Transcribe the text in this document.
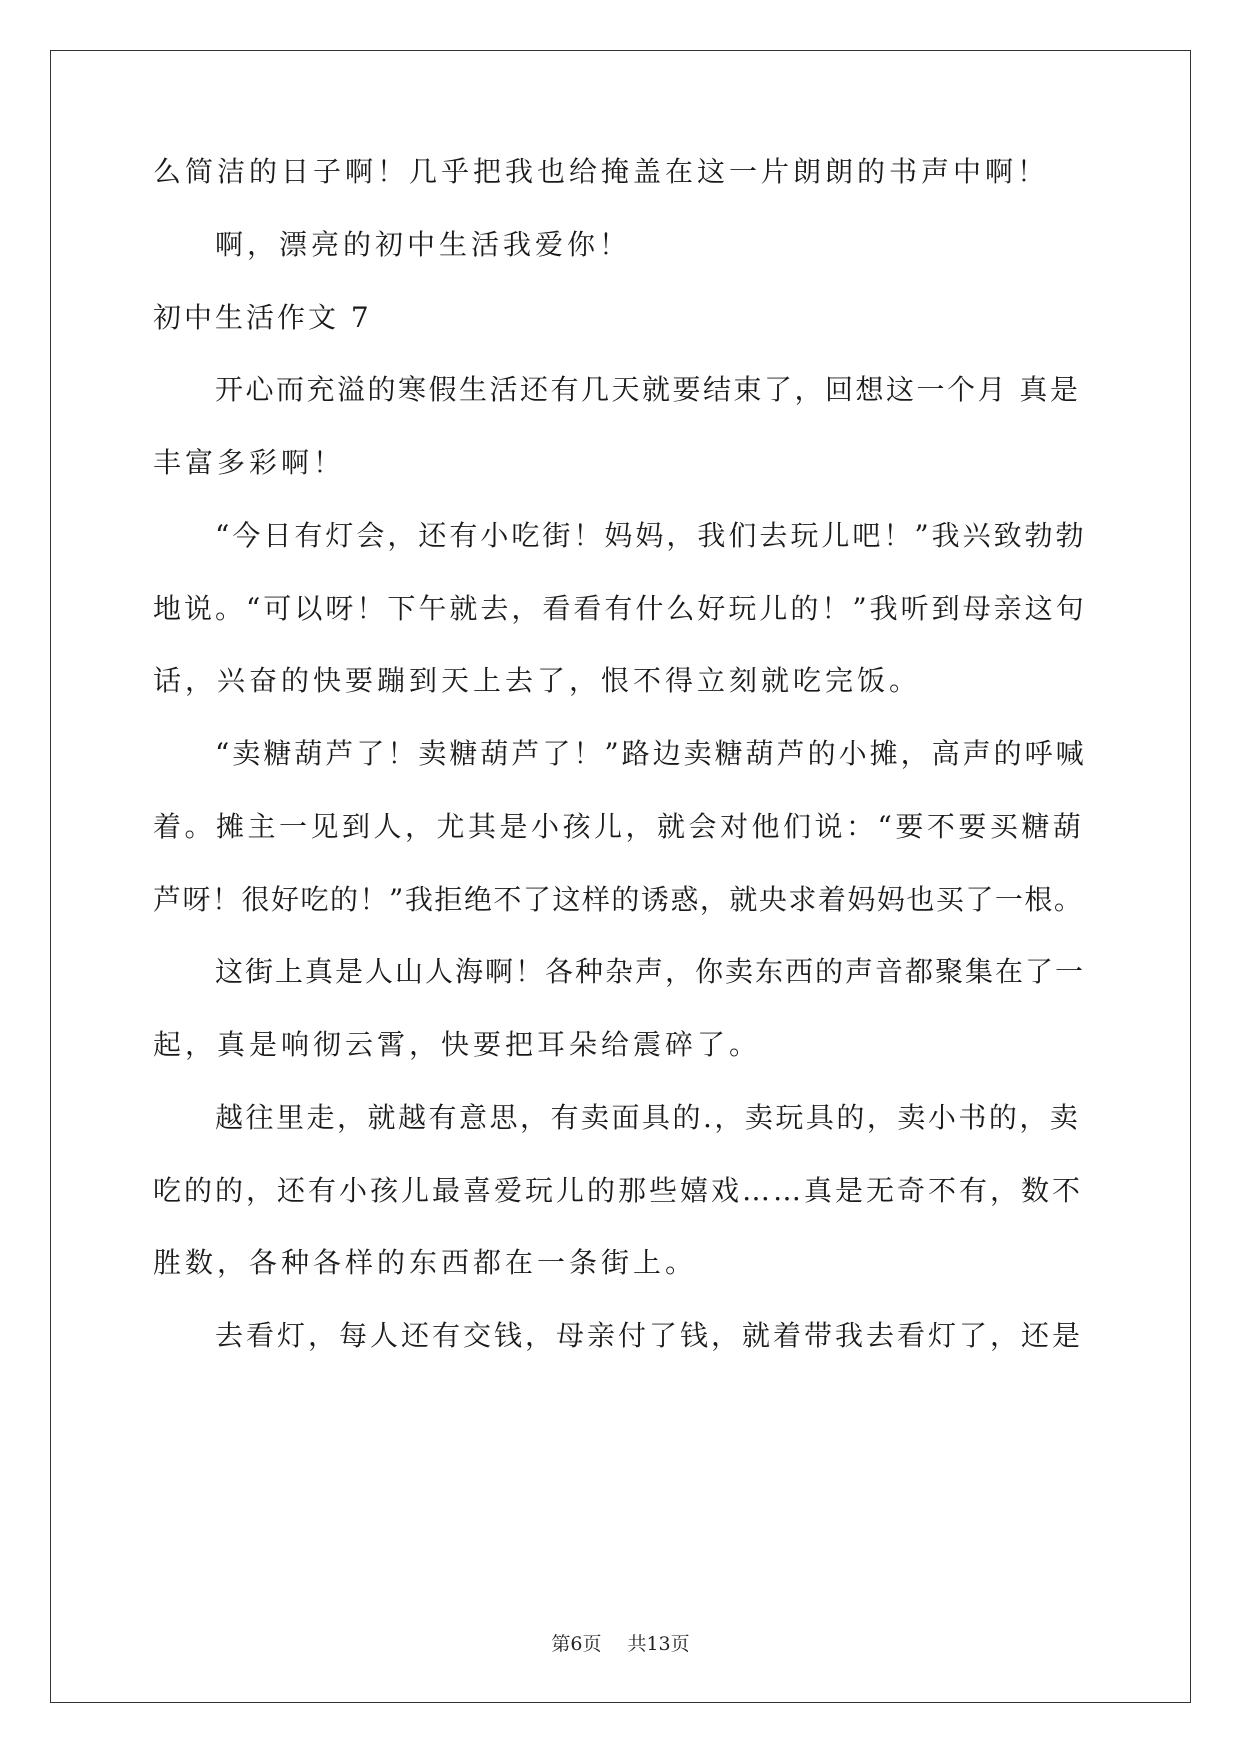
么简洁的日子啊！几乎把我也给掩盖在这一片朗朗的书声中啊！
啊，漂亮的初中生活我爱你！
初中生活作文 7
开心而充溢的寒假生活还有几天就要结束了，回想这一个月 真是
丰富多彩啊！
“今日有灯会，还有小吃街！妈妈，我们去玩儿吧！”我兴致勃勃
地说。“可以呀！下午就去，看看有什么好玩儿的！”我听到母亲这句
话，兴奋的快要蹦到天上去了，恨不得立刻就吃完饭。
“卖糖葫芦了！卖糖葫芦了！”路边卖糖葫芦的小摊，高声的呼喊
着。摊主一见到人，尤其是小孩儿，就会对他们说：“要不要买糖葫
芦呀！很好吃的！”我拒绝不了这样的诱惑，就央求着妈妈也买了一根。
这街上真是人山人海啊！各种杂声，你卖东西的声音都聚集在了一
起，真是响彻云霄，快要把耳朵给震碎了。
越往里走，就越有意思，有卖面具的.，卖玩具的，卖小书的，卖
吃的的，还有小孩儿最喜爱玩儿的那些嬉戏……真是无奇不有，数不
胜数，各种各样的东西都在一条街上。
去看灯，每人还有交钱，母亲付了钱，就着带我去看灯了，还是
第6页 共13页
